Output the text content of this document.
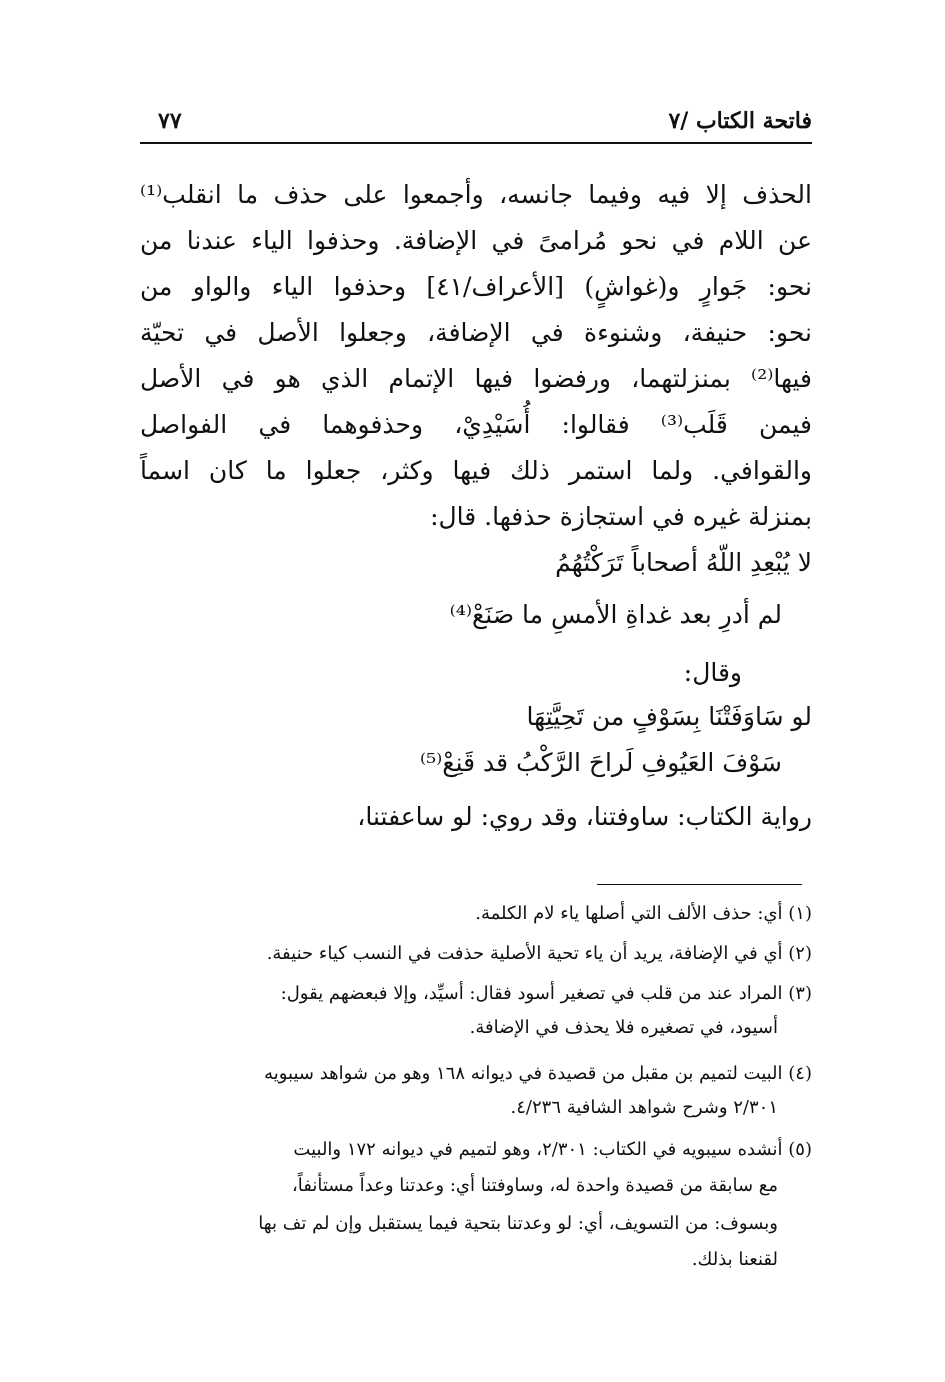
فاتحة الكتاب /٧
٧٧
الحذف إلا فيه وفيما جانسه، وأجمعوا على حذف ما انقلب⁽¹⁾
عن اللام في نحو مُرامىً في الإضافة. وحذفوا الياء عندنا من
نحو: جَوارٍ و(غواشٍ) [الأعراف/٤١] وحذفوا الياء والواو من
نحو: حنيفة، وشنوءة في الإضافة، وجعلوا الأصل في تحيّة
فيها⁽²⁾ بمنزلتهما، ورفضوا فيها الإتمام الذي هو في الأصل
فيمن قَلَب⁽³⁾ فقالوا: أُسَيْدِيْ، وحذفوهما في الفواصل
والقوافي. ولما استمر ذلك فيها وكثر، جعلوا ما كان اسماً
بمنزلة غيره في استجازة حذفها. قال:
لا يُبْعِدِ اللّهُ أصحاباً تَرَكْتُهُمُ
لم أدرِ بعد غداةِ الأمسِ ما صَنَعْ⁽⁴⁾
وقال:
لو سَاوَفَتْنَا بِسَوْفٍ من تَحِيَّتِهَا
سَوْفَ العَيُوفِ لَراحَ الرَّكْبُ قد قَنِعْ⁽⁵⁾
رواية الكتاب: ساوفتنا، وقد روي: لو ساعفتنا،
(١) أي: حذف الألف التي أصلها ياء لام الكلمة.
(٢) أي في الإضافة، يريد أن ياء تحية الأصلية حذفت في النسب كياء حنيفة.
(٣) المراد عند من قلب في تصغير أسود فقال: أسيِّد، وإلا فبعضهم يقول:
أسيود، في تصغيره فلا يحذف في الإضافة.
(٤) البيت لتميم بن مقبل من قصيدة في ديوانه ١٦٨ وهو من شواهد سيبويه
٢/٣٠١ وشرح شواهد الشافية ٤/٢٣٦.
(٥) أنشده سيبويه في الكتاب: ٢/٣٠١، وهو لتميم في ديوانه ١٧٢ والبيت
مع سابقة من قصيدة واحدة له، وساوفتنا أي: وعدتنا وعداً مستأنفاً،
وبسوف: من التسويف، أي: لو وعدتنا بتحية فيما يستقبل وإن لم تف بها
لقنعنا بذلك.
